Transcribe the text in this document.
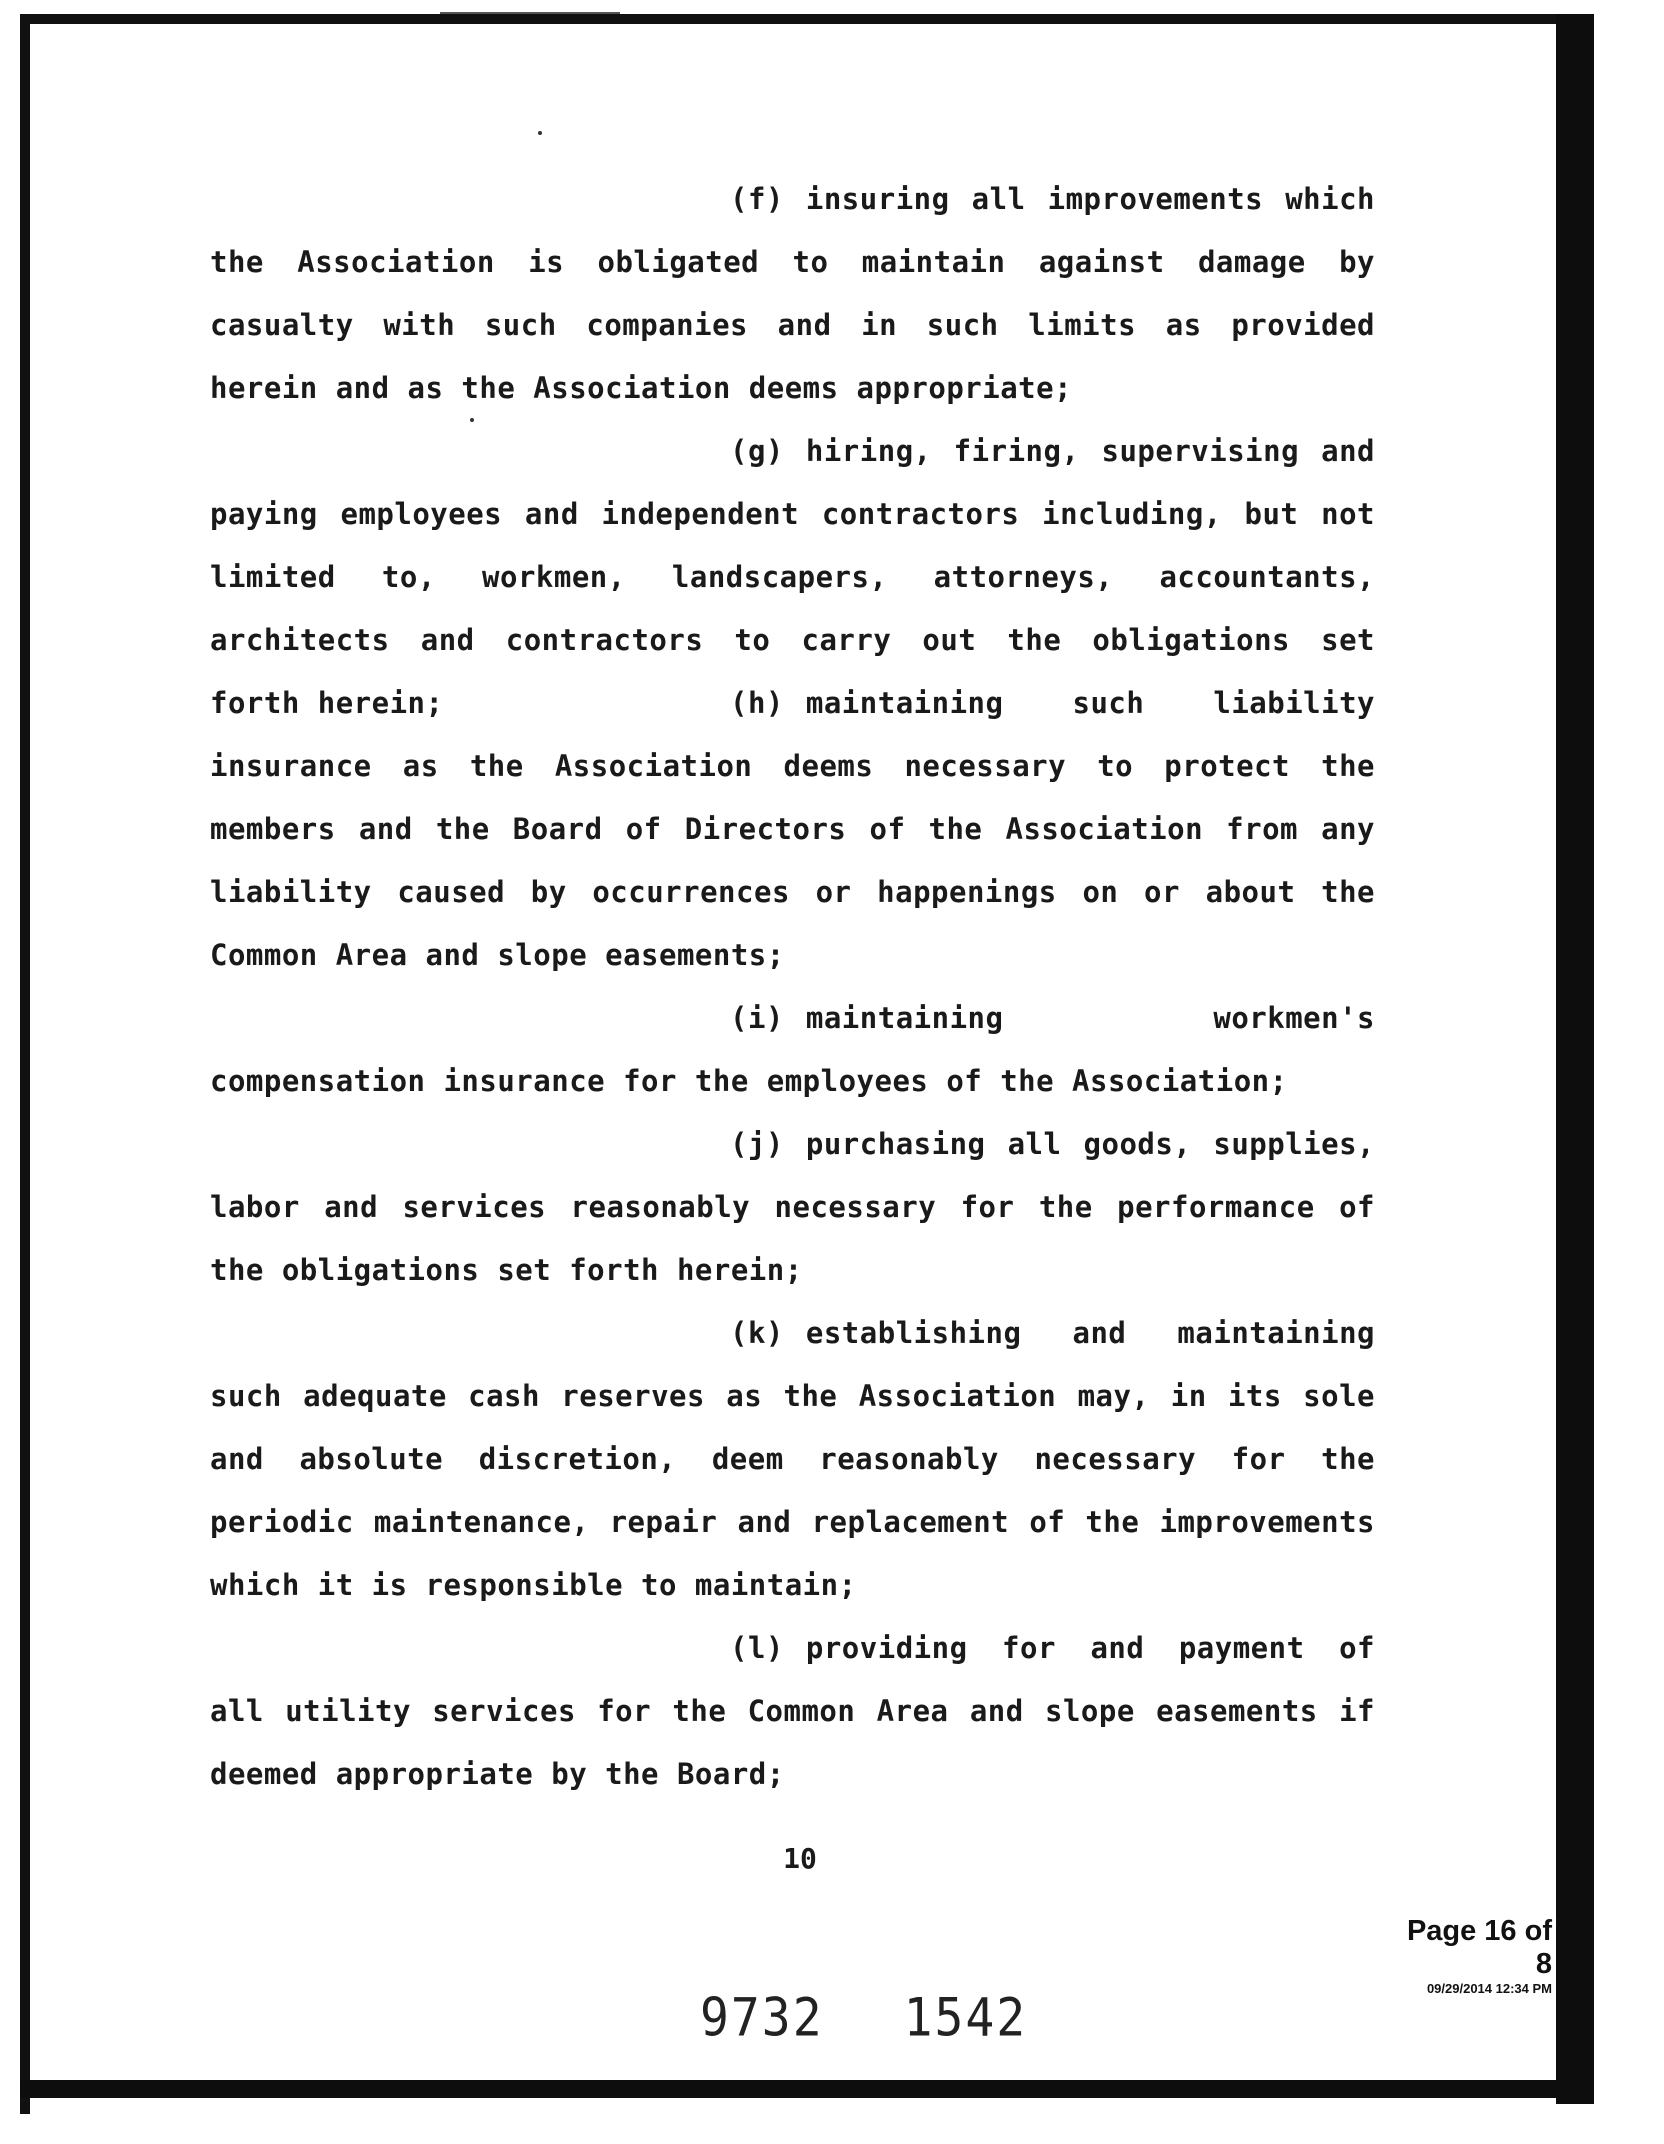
(f) insuring all improvements which the Association is obligated to maintain against damage by casualty with such companies and in such limits as provided herein and as the Association deems appropriate;
(g) hiring, firing, supervising and paying employees and independent contractors including, but not limited to, workmen, landscapers, attorneys, accountants, architects and contractors to carry out the obligations set forth herein;	(h) maintaining such liability insurance as the Association deems necessary to protect the members and the Board of Directors of the Association from any liability caused by occurrences or happenings on or about the Common Area and slope easements;
(i) maintaining workmen's compensation insurance for the employees of the Association;
(j) purchasing all goods, supplies, labor and services reasonably necessary for the performance of the obligations set forth herein;
(k) establishing and maintaining such adequate cash reserves as the Association may, in its sole and absolute discretion, deem reasonably necessary for the periodic maintenance, repair and replacement of the improvements which it is responsible to maintain;
(l) providing for and payment of all utility services for the Common Area and slope easements if deemed appropriate by the Board;
10
Page 16 of 8
09/29/2014 12:34 PM
9732 1542
